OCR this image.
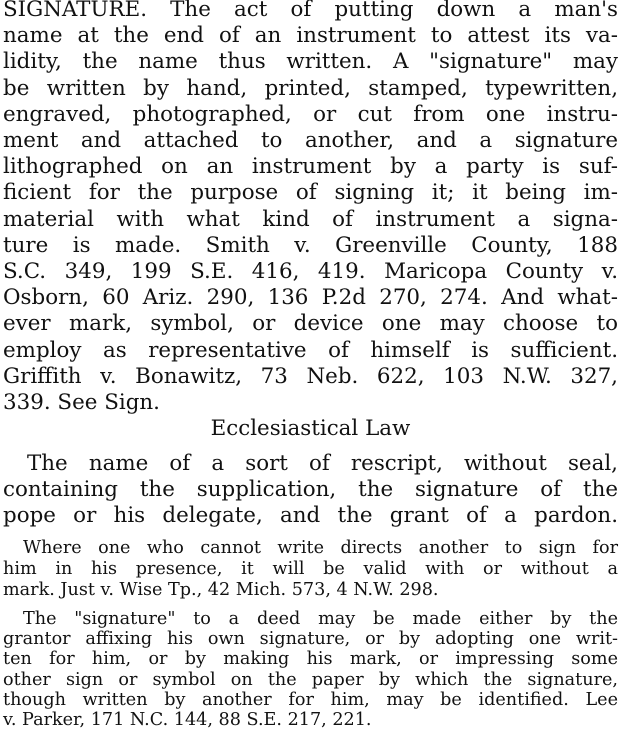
SIGNATURE. The act of putting down a man's
name at the end of an instrument to attest its va-
lidity, the name thus written. A "signature" may
be written by hand, printed, stamped, typewritten,
engraved, photographed, or cut from one instru-
ment and attached to another, and a signature
lithographed on an instrument by a party is suf-
ficient for the purpose of signing it; it being im-
material with what kind of instrument a signa-
ture is made. Smith v. Greenville County, 188
S.C. 349, 199 S.E. 416, 419. Maricopa County v.
Osborn, 60 Ariz. 290, 136 P.2d 270, 274. And what-
ever mark, symbol, or device one may choose to
employ as representative of himself is sufficient.
Griffith v. Bonawitz, 73 Neb. 622, 103 N.W. 327,
339. See Sign.
Ecclesiastical Law
The name of a sort of rescript, without seal,
containing the supplication, the signature of the
pope or his delegate, and the grant of a pardon.
Where one who cannot write directs another to sign for
him in his presence, it will be valid with or without a
mark. Just v. Wise Tp., 42 Mich. 573, 4 N.W. 298.
The "signature" to a deed may be made either by the
grantor affixing his own signature, or by adopting one writ-
ten for him, or by making his mark, or impressing some
other sign or symbol on the paper by which the signature,
though written by another for him, may be identified. Lee
v. Parker, 171 N.C. 144, 88 S.E. 217, 221.
